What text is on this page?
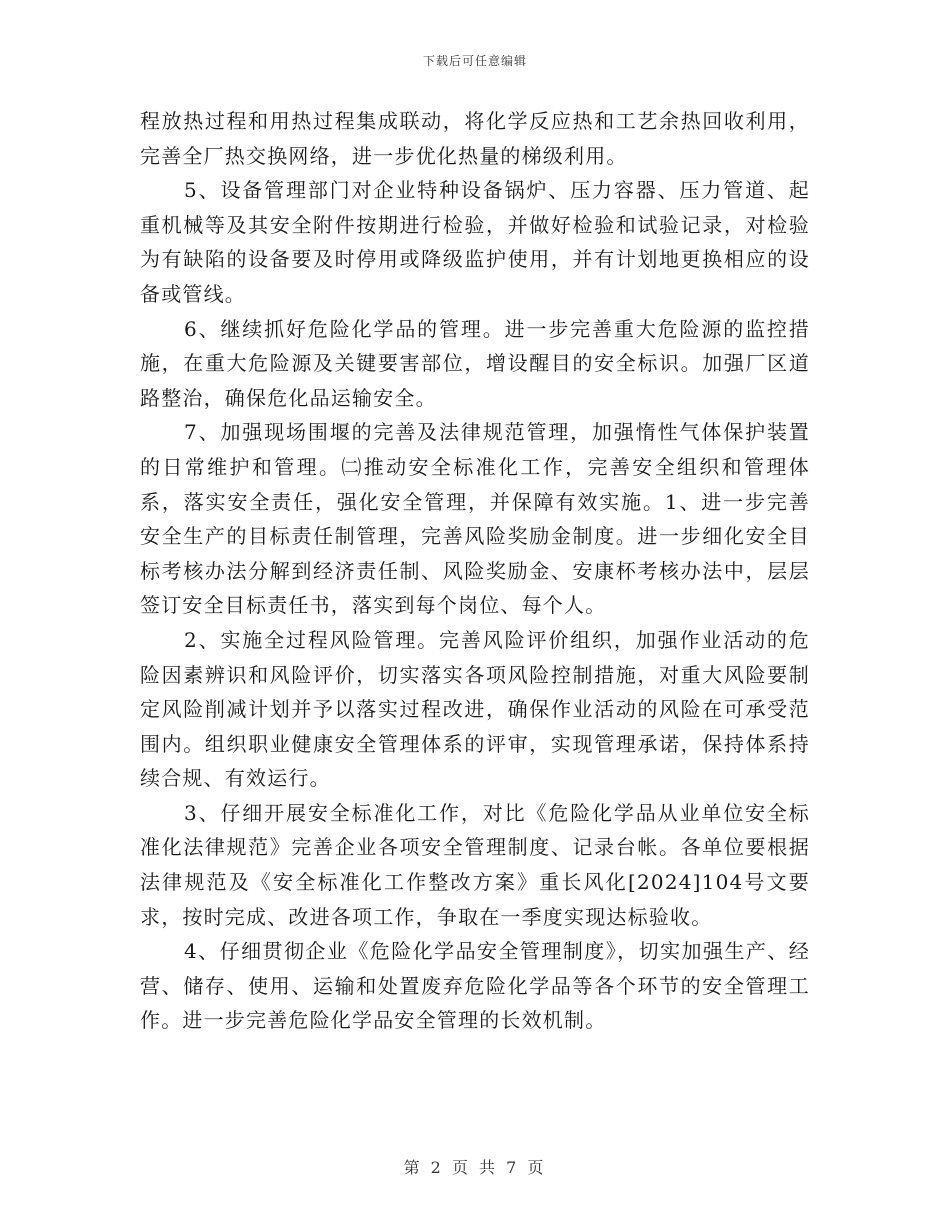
下载后可任意编辑

程放热过程和用热过程集成联动，将化学反应热和工艺余热回收利用，完善全厂热交换网络，进一步优化热量的梯级利用。

5、设备管理部门对企业特种设备锅炉、压力容器、压力管道、起重机械等及其安全附件按期进行检验，并做好检验和试验记录，对检验为有缺陷的设备要及时停用或降级监护使用，并有计划地更换相应的设备或管线。

6、继续抓好危险化学品的管理。进一步完善重大危险源的监控措施，在重大危险源及关键要害部位，增设醒目的安全标识。加强厂区道路整治，确保危化品运输安全。

7、加强现场围堰的完善及法律规范管理，加强惰性气体保护装置的日常维护和管理。㈡推动安全标准化工作，完善安全组织和管理体系，落实安全责任，强化安全管理，并保障有效实施。1、进一步完善安全生产的目标责任制管理，完善风险奖励金制度。进一步细化安全目标考核办法分解到经济责任制、风险奖励金、安康杯考核办法中，层层签订安全目标责任书，落实到每个岗位、每个人。

2、实施全过程风险管理。完善风险评价组织，加强作业活动的危险因素辨识和风险评价，切实落实各项风险控制措施，对重大风险要制定风险削减计划并予以落实过程改进，确保作业活动的风险在可承受范围内。组织职业健康安全管理体系的评审，实现管理承诺，保持体系持续合规、有效运行。

3、仔细开展安全标准化工作，对比《危险化学品从业单位安全标准化法律规范》完善企业各项安全管理制度、记录台帐。各单位要根据法律规范及《安全标准化工作整改方案》重长风化[2024]104号文要求，按时完成、改进各项工作，争取在一季度实现达标验收。

4、仔细贯彻企业《危险化学品安全管理制度》，切实加强生产、经营、储存、使用、运输和处置废弃危险化学品等各个环节的安全管理工作。进一步完善危险化学品安全管理的长效机制。

第 2 页 共 7 页
